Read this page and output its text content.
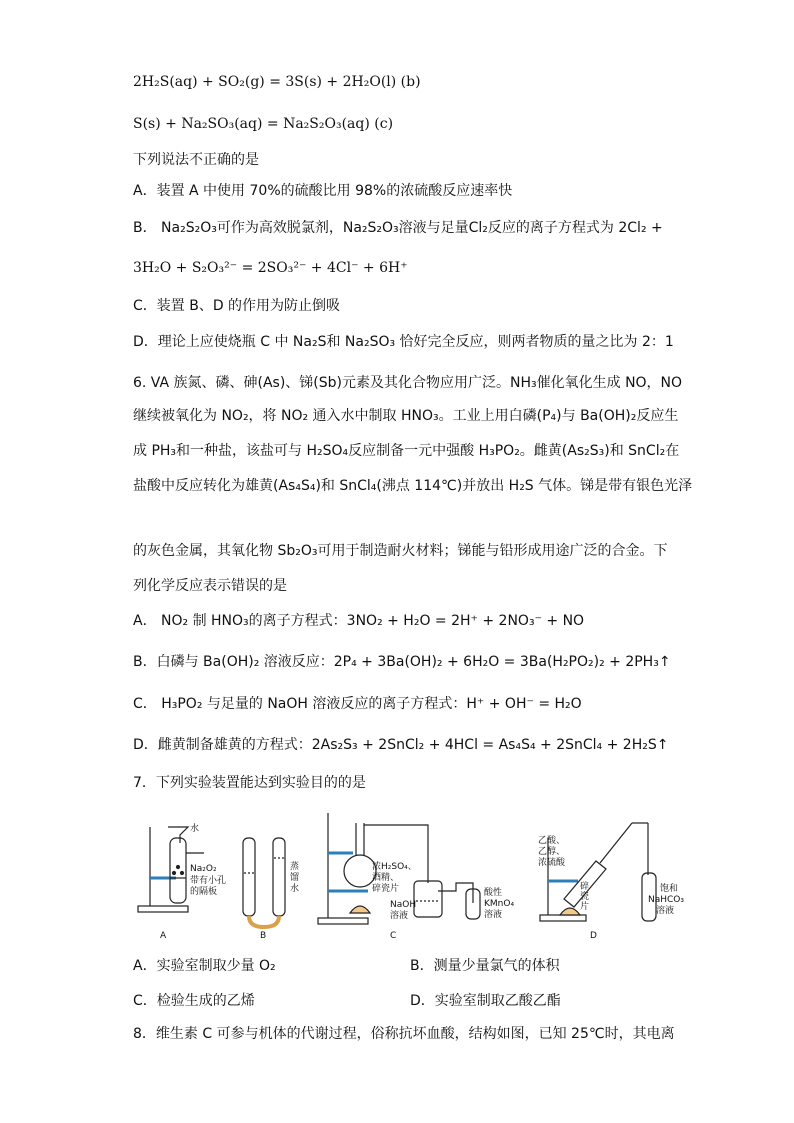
2H₂S(aq) + SO₂(g) = 3S(s) + 2H₂O(l) (b)
S(s) + Na₂SO₃(aq) = Na₂S₂O₃(aq) (c)
下列说法不正确的是
A．装置 A 中使用 70%的硫酸比用 98%的浓硫酸反应速率快
B． Na₂S₂O₃可作为高效脱氯剂，Na₂S₂O₃溶液与足量Cl₂反应的离子方程式为 2Cl₂ +
3H₂O + S₂O₃²⁻ = 2SO₃²⁻ + 4Cl⁻ + 6H⁺
C．装置 B、D 的作用为防止倒吸
D．理论上应使烧瓶 C 中 Na₂S和 Na₂SO₃ 恰好完全反应，则两者物质的量之比为 2：1
6. VA 族氮、磷、砷(As)、锑(Sb)元素及其化合物应用广泛。NH₃催化氧化生成 NO，NO
继续被氧化为 NO₂，将 NO₂ 通入水中制取 HNO₃。工业上用白磷(P₄)与 Ba(OH)₂反应生
成 PH₃和一种盐，该盐可与 H₂SO₄反应制备一元中强酸 H₃PO₂。雌黄(As₂S₃)和 SnCl₂在
盐酸中反应转化为雄黄(As₄S₄)和 SnCl₄(沸点 114℃)并放出 H₂S 气体。锑是带有银色光泽
的灰色金属，其氧化物 Sb₂O₃可用于制造耐火材料；锑能与铅形成用途广泛的合金。下
列化学反应表示错误的是
A． NO₂ 制 HNO₃的离子方程式：3NO₂ + H₂O = 2H⁺ + 2NO₃⁻ + NO
B．白磷与 Ba(OH)₂ 溶液反应：2P₄ + 3Ba(OH)₂ + 6H₂O = 3Ba(H₂PO₂)₂ + 2PH₃↑
C． H₃PO₂ 与足量的 NaOH 溶液反应的离子方程式：H⁺ + OH⁻ = H₂O
D．雌黄制备雄黄的方程式：2As₂S₃ + 2SnCl₂ + 4HCl = As₄S₄ + 2SnCl₄ + 2H₂S↑
7．下列实验装置能达到实验目的的是
水
Na₂O₂
带有小孔
的隔板
蒸
馏
水
浓H₂SO₄、
酒精、
碎瓷片
NaOH
溶液
酸性
KMnO₄
溶液
乙酸、
乙醇、
浓硫酸
碎
瓷
片
饱和
NaHCO₃
溶液
A	B	C	D
A．实验室制取少量 O₂	B．测量少量氯气的体积
C．检验生成的乙烯	D．实验室制取乙酸乙酯
8．维生素 C 可参与机体的代谢过程，俗称抗坏血酸，结构如图，已知 25℃时，其电离
